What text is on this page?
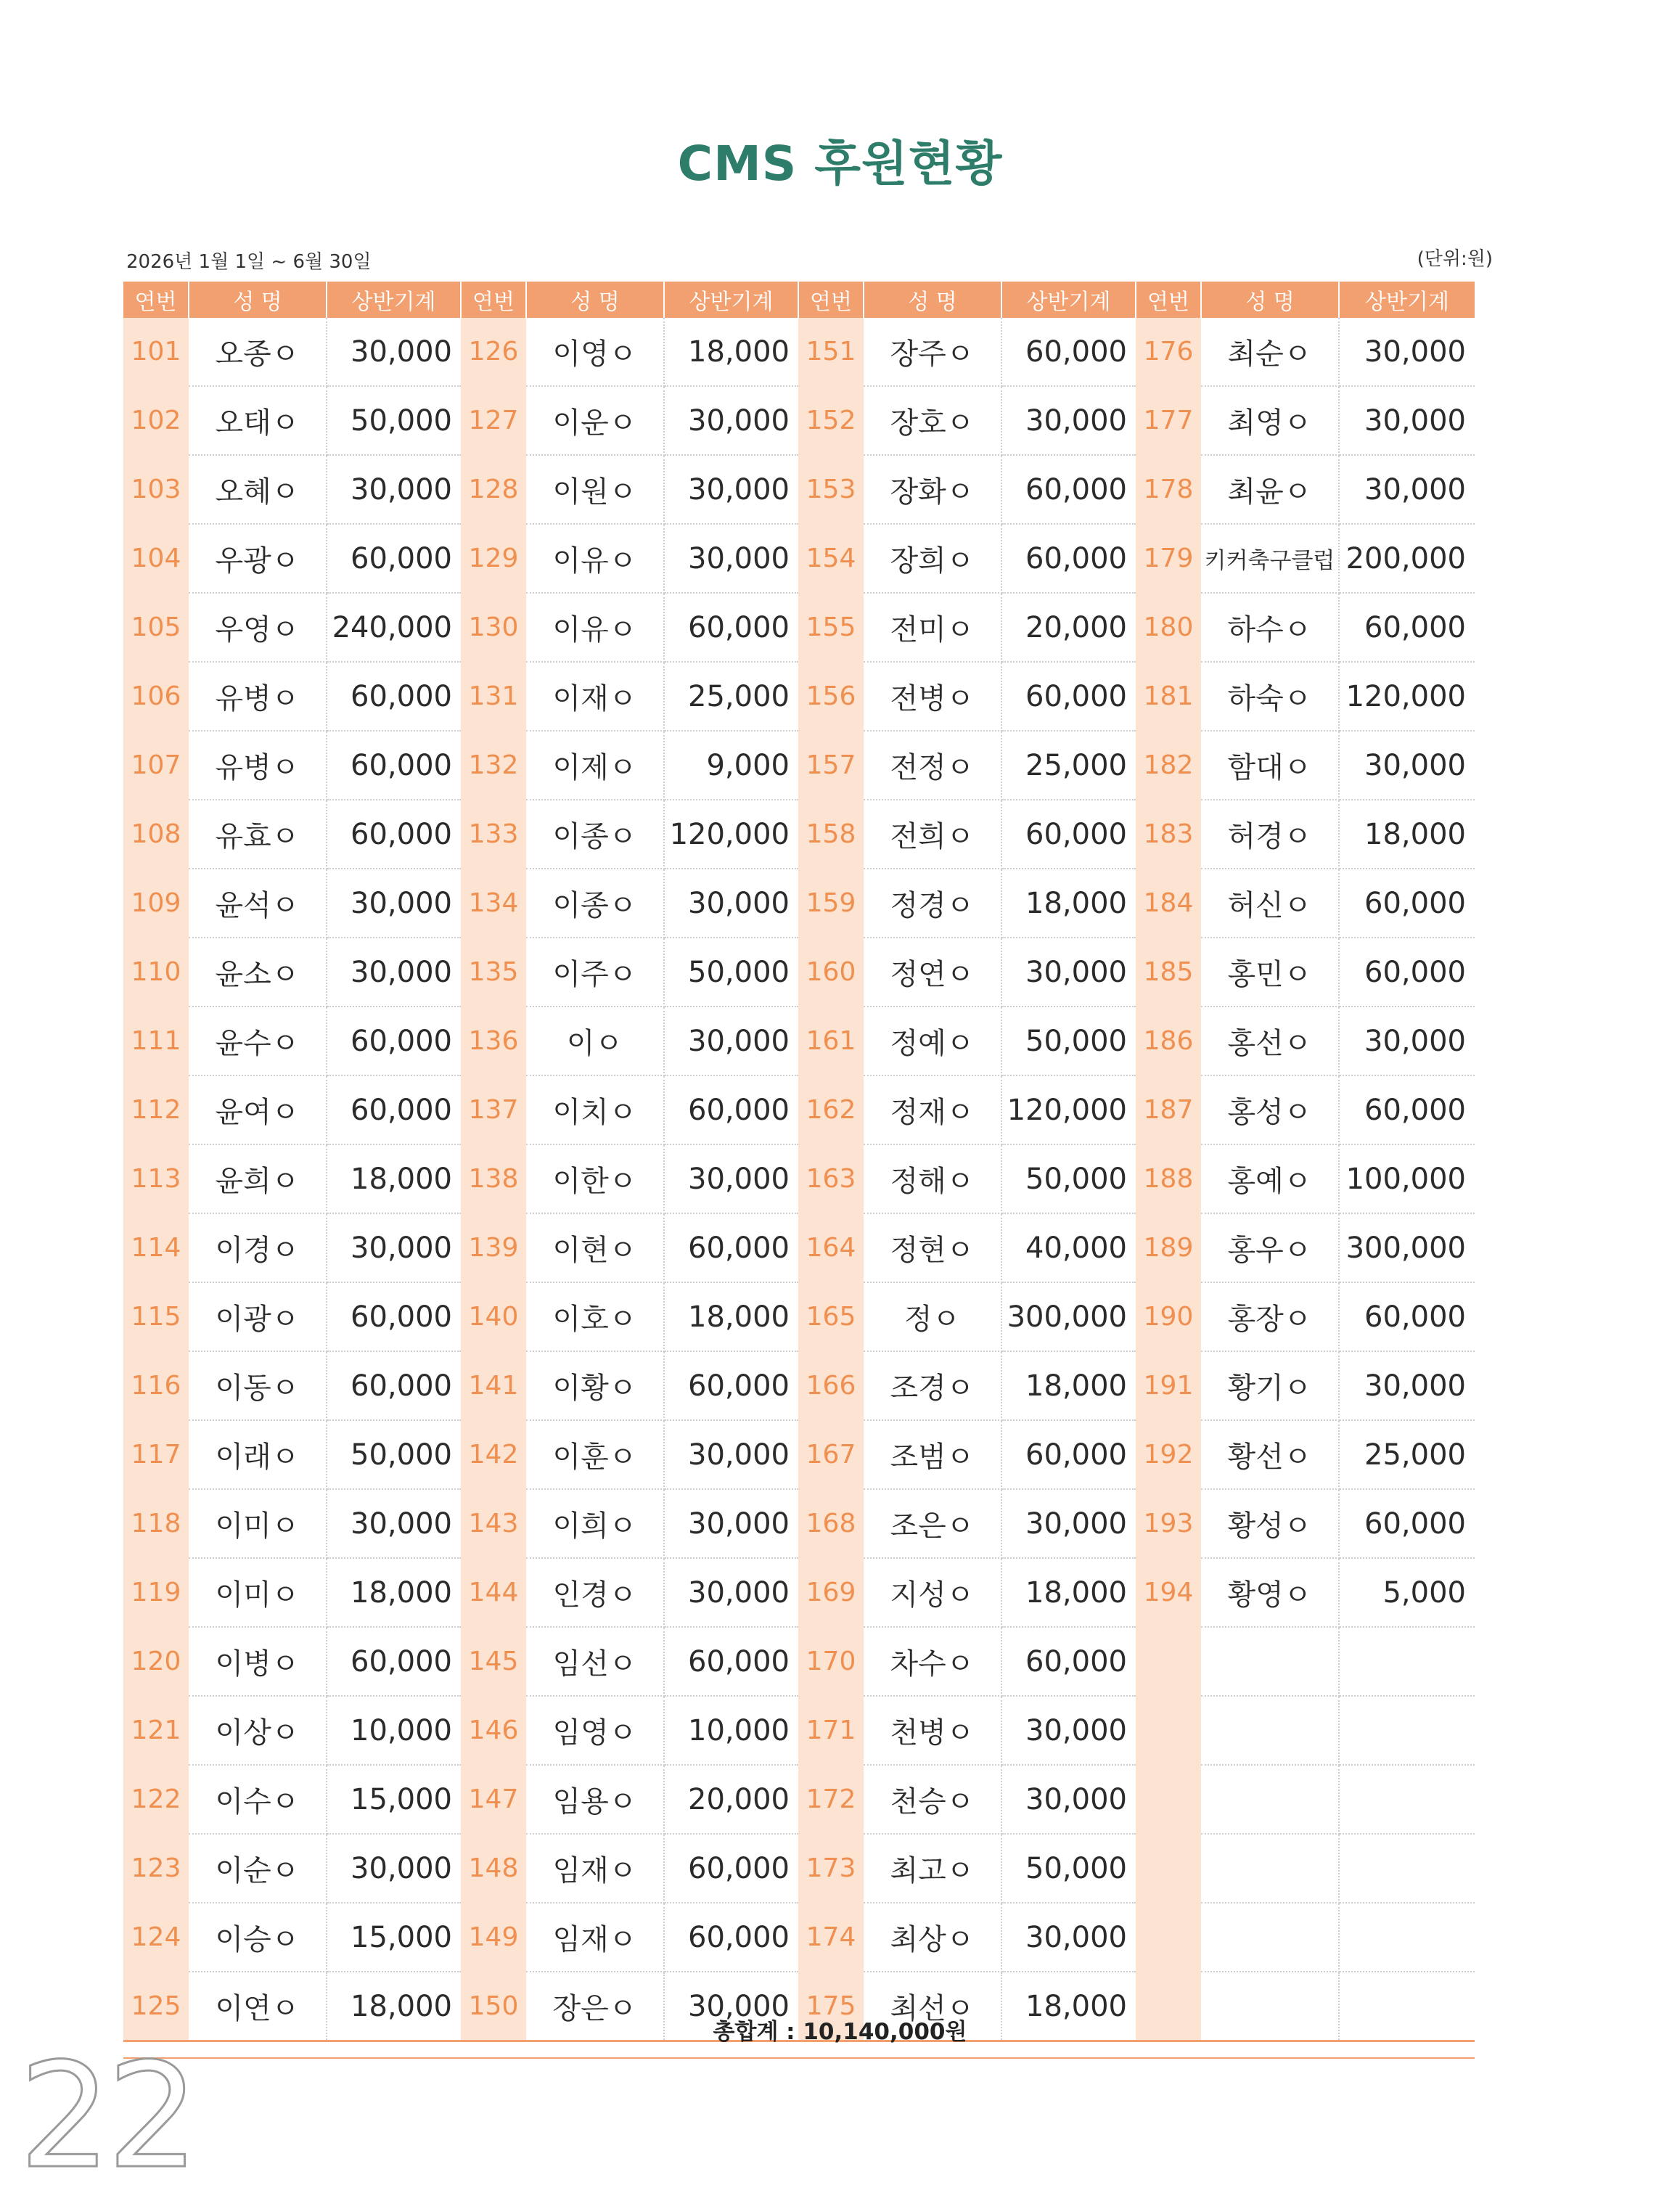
CMS 후원현황
2026년 1월 1일 ~ 6월 30일	(단위:원)
연번	성 명	상반기계	연번	성 명	상반기계	연번	성 명	상반기계	연번	성 명	상반기계
101	오종ㅇ	30,000	126	이영ㅇ	18,000	151	장주ㅇ	60,000	176	최순ㅇ	30,000
102	오태ㅇ	50,000	127	이운ㅇ	30,000	152	장호ㅇ	30,000	177	최영ㅇ	30,000
103	오혜ㅇ	30,000	128	이원ㅇ	30,000	153	장화ㅇ	60,000	178	최윤ㅇ	30,000
104	우광ㅇ	60,000	129	이유ㅇ	30,000	154	장희ㅇ	60,000	179	키커축구클럽	200,000
105	우영ㅇ	240,000	130	이유ㅇ	60,000	155	전미ㅇ	20,000	180	하수ㅇ	60,000
106	유병ㅇ	60,000	131	이재ㅇ	25,000	156	전병ㅇ	60,000	181	하숙ㅇ	120,000
107	유병ㅇ	60,000	132	이제ㅇ	9,000	157	전정ㅇ	25,000	182	함대ㅇ	30,000
108	유효ㅇ	60,000	133	이종ㅇ	120,000	158	전희ㅇ	60,000	183	허경ㅇ	18,000
109	윤석ㅇ	30,000	134	이종ㅇ	30,000	159	정경ㅇ	18,000	184	허신ㅇ	60,000
110	윤소ㅇ	30,000	135	이주ㅇ	50,000	160	정연ㅇ	30,000	185	홍민ㅇ	60,000
111	윤수ㅇ	60,000	136	이ㅇ	30,000	161	정예ㅇ	50,000	186	홍선ㅇ	30,000
112	윤여ㅇ	60,000	137	이치ㅇ	60,000	162	정재ㅇ	120,000	187	홍성ㅇ	60,000
113	윤희ㅇ	18,000	138	이한ㅇ	30,000	163	정해ㅇ	50,000	188	홍예ㅇ	100,000
114	이경ㅇ	30,000	139	이현ㅇ	60,000	164	정현ㅇ	40,000	189	홍우ㅇ	300,000
115	이광ㅇ	60,000	140	이호ㅇ	18,000	165	정ㅇ	300,000	190	홍장ㅇ	60,000
116	이동ㅇ	60,000	141	이황ㅇ	60,000	166	조경ㅇ	18,000	191	황기ㅇ	30,000
117	이래ㅇ	50,000	142	이훈ㅇ	30,000	167	조범ㅇ	60,000	192	황선ㅇ	25,000
118	이미ㅇ	30,000	143	이희ㅇ	30,000	168	조은ㅇ	30,000	193	황성ㅇ	60,000
119	이미ㅇ	18,000	144	인경ㅇ	30,000	169	지성ㅇ	18,000	194	황영ㅇ	5,000
120	이병ㅇ	60,000	145	임선ㅇ	60,000	170	차수ㅇ	60,000			
121	이상ㅇ	10,000	146	임영ㅇ	10,000	171	천병ㅇ	30,000			
122	이수ㅇ	15,000	147	임용ㅇ	20,000	172	천승ㅇ	30,000			
123	이순ㅇ	30,000	148	임재ㅇ	60,000	173	최고ㅇ	50,000			
124	이승ㅇ	15,000	149	임재ㅇ	60,000	174	최상ㅇ	30,000			
125	이연ㅇ	18,000	150	장은ㅇ	30,000	175	최선ㅇ	18,000			
총합계 : 10,140,000원
22
